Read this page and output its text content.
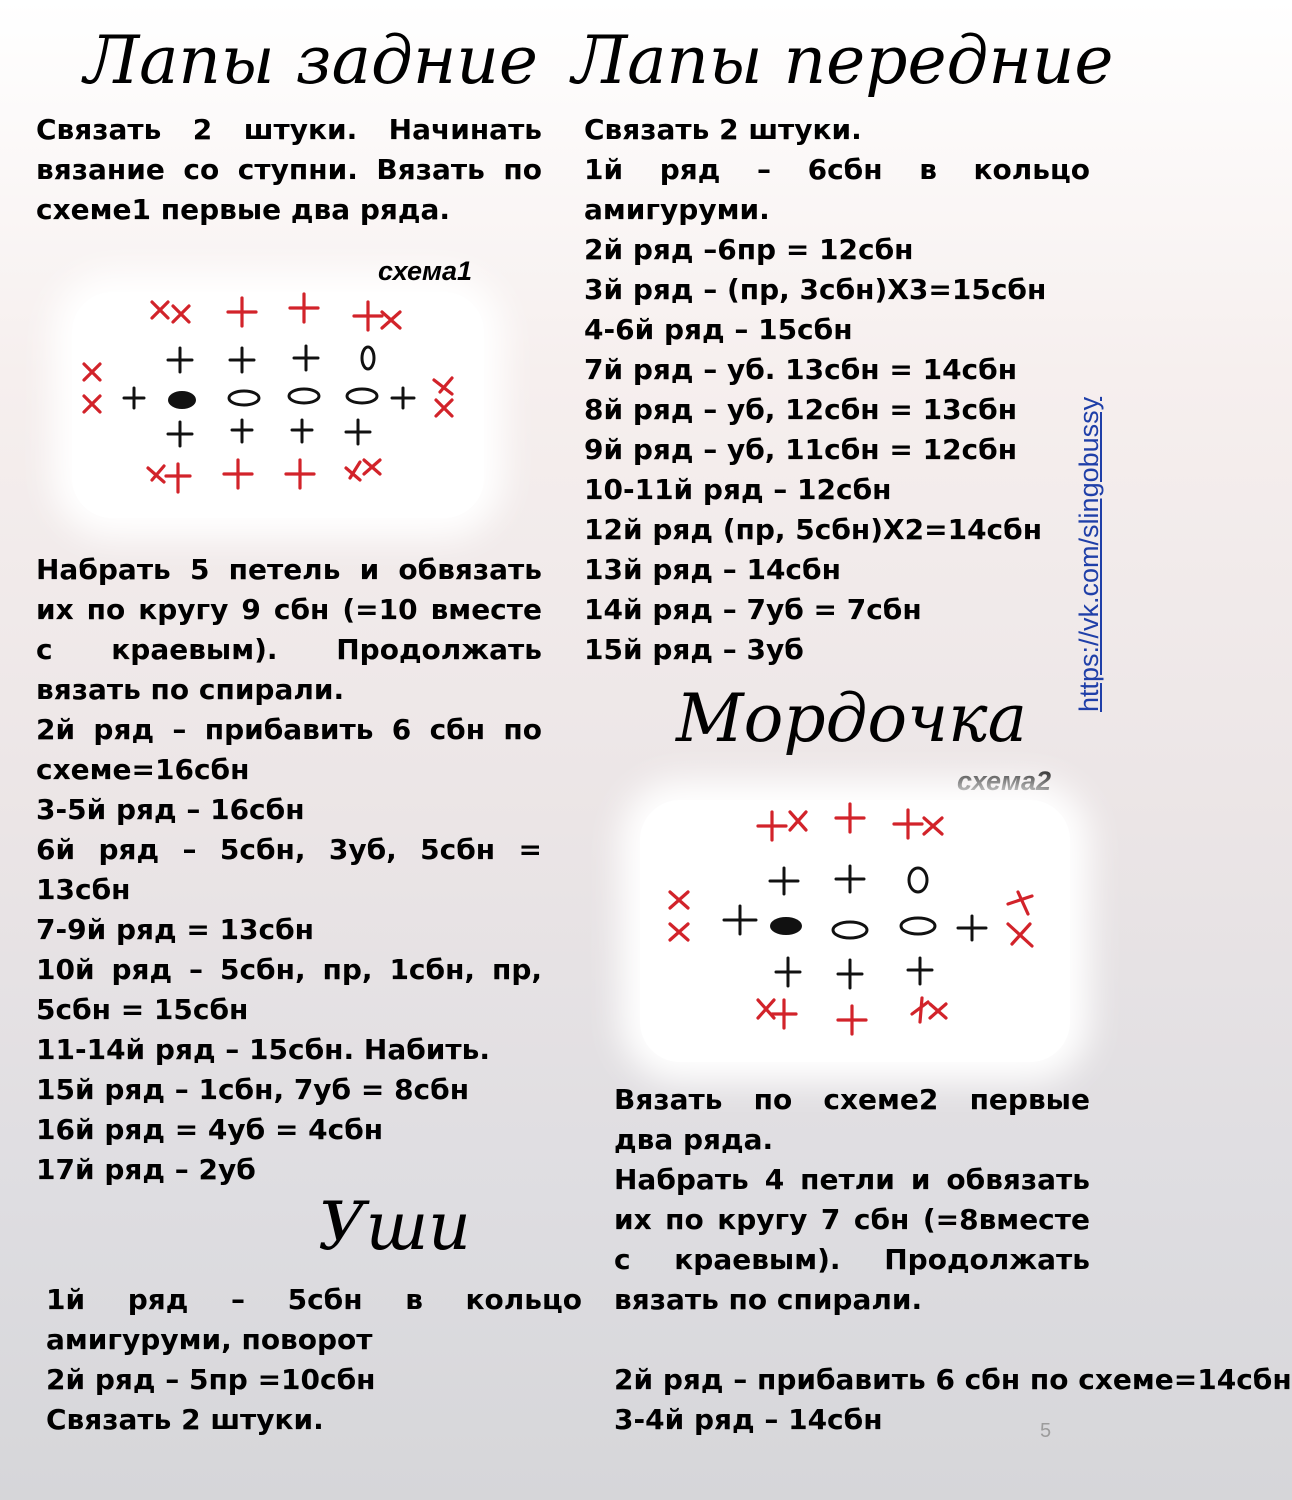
Лапы задние Лапы передние

Связать 2 штуки. Начинать вязание со ступни. Вязать по схеме1 первые два ряда.

схема1

Набрать 5 петель и обвязать их по кругу 9 сбн (=10 вместе с краевым). Продолжать вязать по спирали.

2й ряд – прибавить 6 сбн по схеме=16сбн
3-5й ряд – 16сбн
6й ряд – 5сбн, 3уб, 5сбн = 13сбн
7-9й ряд = 13сбн
10й ряд – 5сбн, пр, 1сбн, пр, 5сбн = 15сбн
11-14й ряд – 15сбн. Набить.
15й ряд – 1сбн, 7уб = 8сбн
16й ряд = 4уб = 4сбн
17й ряд – 2уб
Связать 2 штуки.
1й ряд – 6сбн в кольцо амигуруми.
2й ряд –6пр = 12сбн
3й ряд – (пр, 3сбн)Х3=15сбн
4-6й ряд – 15сбн
7й ряд – уб. 13сбн = 14сбн
8й ряд – уб, 12сбн = 13сбн
9й ряд – уб, 11сбн = 12сбн
10-11й ряд – 12сбн
12й ряд (пр, 5сбн)Х2=14сбн
13й ряд – 14сбн
14й ряд – 7уб = 7сбн
15й ряд – 3уб
Мордочка

схема2

Вязать по схеме2 первые два ряда.

Набрать 4 петли и обвязать их по кругу 7 сбн (=8вместе с краевым). Продолжать вязать по спирали.

2й ряд – прибавить 6 сбн по схеме=14сбн
3-4й ряд – 14сбн
Уши
1й ряд – 5сбн в кольцо амигуруми, поворот
2й ряд – 5пр =10сбн
Связать 2 штуки.

https://vk.com/slingobussy

5
